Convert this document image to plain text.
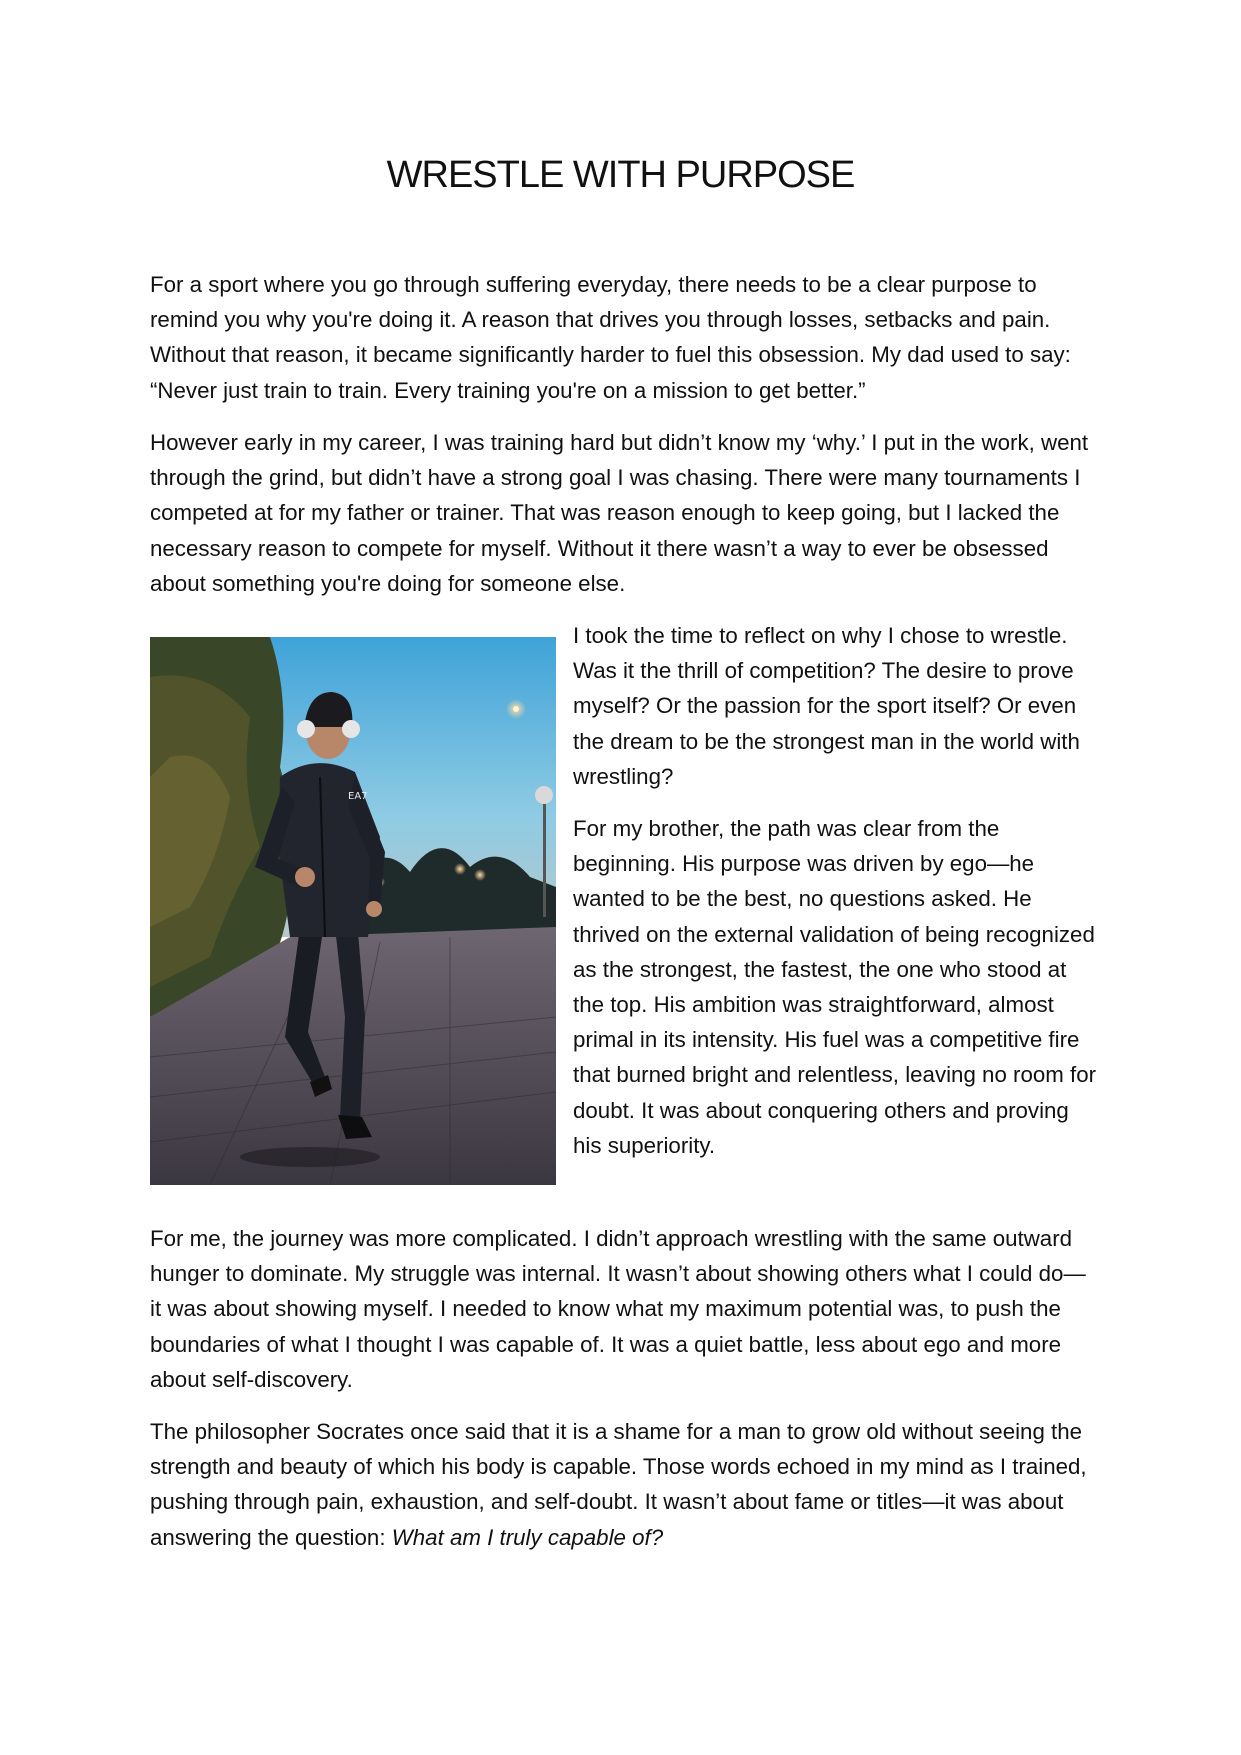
WRESTLE WITH PURPOSE

For a sport where you go through suffering everyday, there needs to be a clear purpose to remind you why you're doing it. A reason that drives you through losses, setbacks and pain. Without that reason, it became significantly harder to fuel this obsession. My dad used to say: “Never just train to train. Every training you're on a mission to get better.”

However early in my career, I was training hard but didn’t know my ‘why.’ I put in the work, went through the grind, but didn’t have a strong goal I was chasing. There were many tournaments I competed at for my father or trainer. That was reason enough to keep going, but I lacked the necessary reason to compete for myself. Without it there wasn’t a way to ever be obsessed about something you're doing for someone else.

EA7

I took the time to reflect on why I chose to wrestle. Was it the thrill of competition? The desire to prove myself? Or the passion for the sport itself? Or even the dream to be the strongest man in the world with wrestling?

For my brother, the path was clear from the beginning. His purpose was driven by ego—he wanted to be the best, no questions asked. He thrived on the external validation of being recognized as the strongest, the fastest, the one who stood at the top. His ambition was straightforward, almost primal in its intensity. His fuel was a competitive fire that burned bright and relentless, leaving no room for doubt. It was about conquering others and proving his superiority.

For me, the journey was more complicated. I didn’t approach wrestling with the same outward hunger to dominate. My struggle was internal. It wasn’t about showing others what I could do—it was about showing myself. I needed to know what my maximum potential was, to push the boundaries of what I thought I was capable of. It was a quiet battle, less about ego and more about self-discovery.

The philosopher Socrates once said that it is a shame for a man to grow old without seeing the strength and beauty of which his body is capable. Those words echoed in my mind as I trained, pushing through pain, exhaustion, and self-doubt. It wasn’t about fame or titles—it was about answering the question: What am I truly capable of?
